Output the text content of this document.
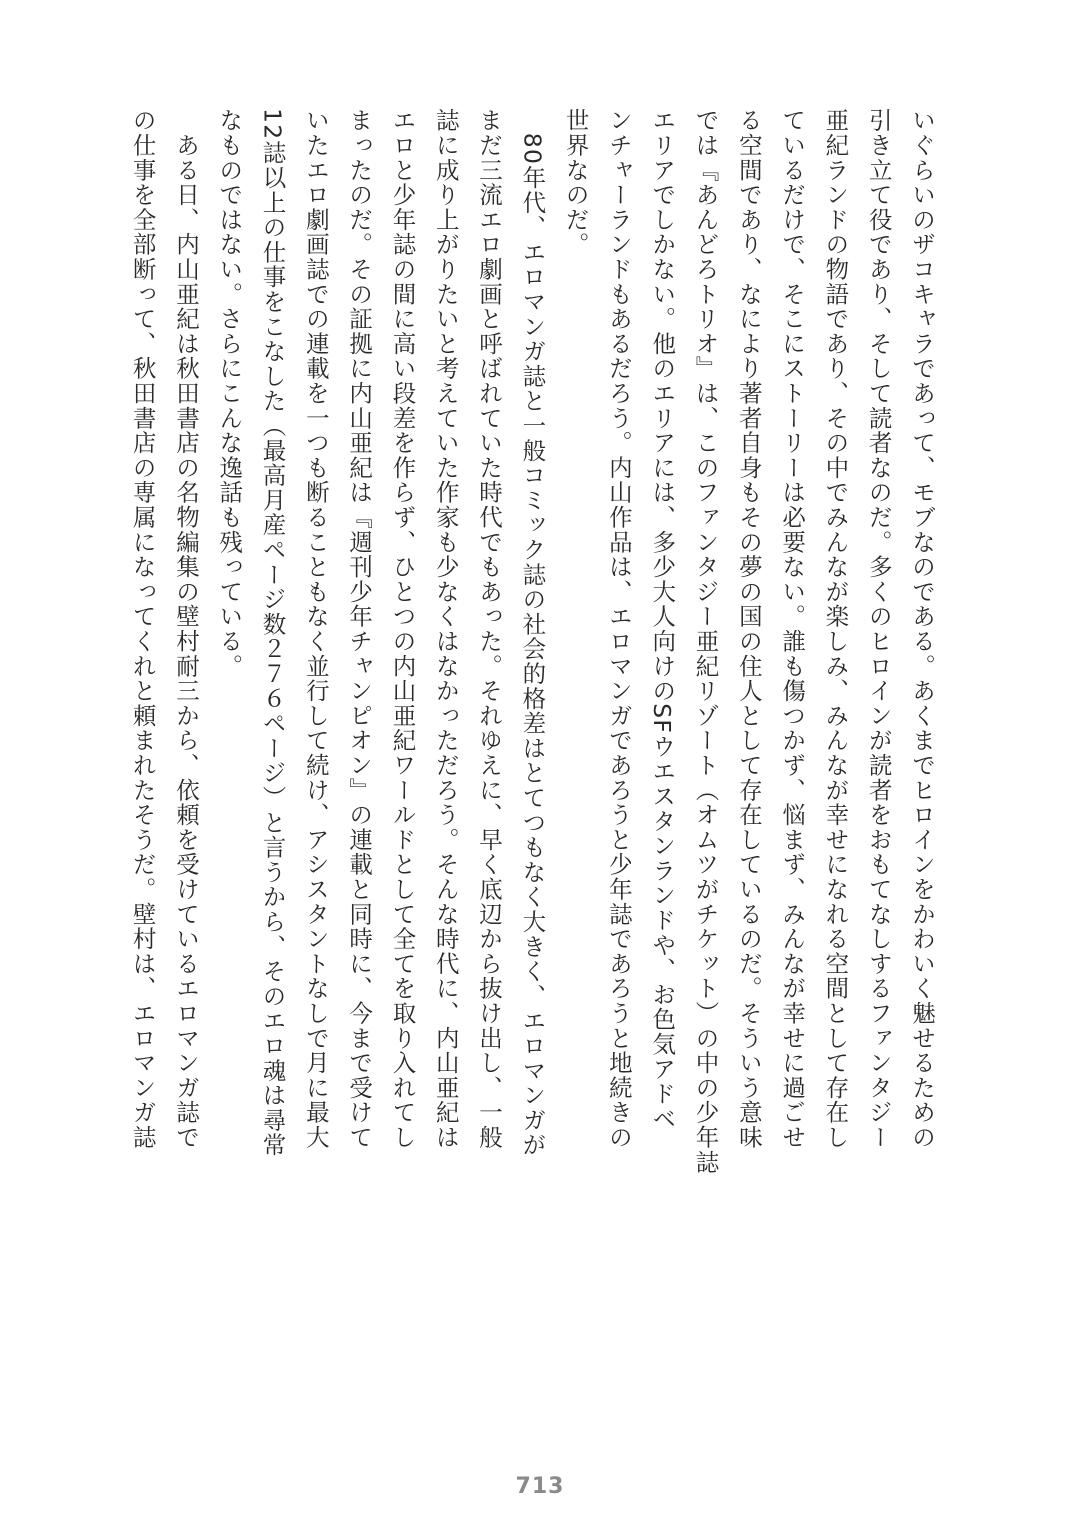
いぐらいのザコキャラであって、モブなのである。あくまでヒロインをかわいく魅せるための

引き立て役であり、そして読者なのだ。多くのヒロインが読者をおもてなしするファンタジー

亜紀ランドの物語であり、その中でみんなが楽しみ、みんなが幸せになれる空間として存在し

ているだけで、そこにストーリーは必要ない。誰も傷つかず、悩まず、みんなが幸せに過ごせ

る空間であり、なにより著者自身もその夢の国の住人として存在しているのだ。そういう意味

では『あんどろトリオ』は、このファンタジー亜紀リゾート（オムツがチケット）の中の少年誌

エリアでしかない。他のエリアには、多少大人向けのSFウエスタンランドや、お色気アドベ

ンチャーランドもあるだろう。内山作品は、エロマンガであろうと少年誌であろうと地続きの

世界なのだ。

　80年代、エロマンガ誌と一般コミック誌の社会的格差はとてつもなく大きく、エロマンガが

まだ三流エロ劇画と呼ばれていた時代でもあった。それゆえに、早く底辺から抜け出し、一般

誌に成り上がりたいと考えていた作家も少なくはなかっただろう。そんな時代に、内山亜紀は

エロと少年誌の間に高い段差を作らず、ひとつの内山亜紀ワールドとして全てを取り入れてし

まったのだ。その証拠に内山亜紀は『週刊少年チャンピオン』の連載と同時に、今まで受けて

いたエロ劇画誌での連載を一つも断ることもなく並行して続け、アシスタントなしで月に最大

12誌以上の仕事をこなした（最高月産ページ数２７６ページ）と言うから、そのエロ魂は尋常

なものではない。さらにこんな逸話も残っている。

　ある日、内山亜紀は秋田書店の名物編集の壁村耐三から、依頼を受けているエロマンガ誌で

の仕事を全部断って、秋田書店の専属になってくれと頼まれたそうだ。壁村は、エロマンガ誌

713
